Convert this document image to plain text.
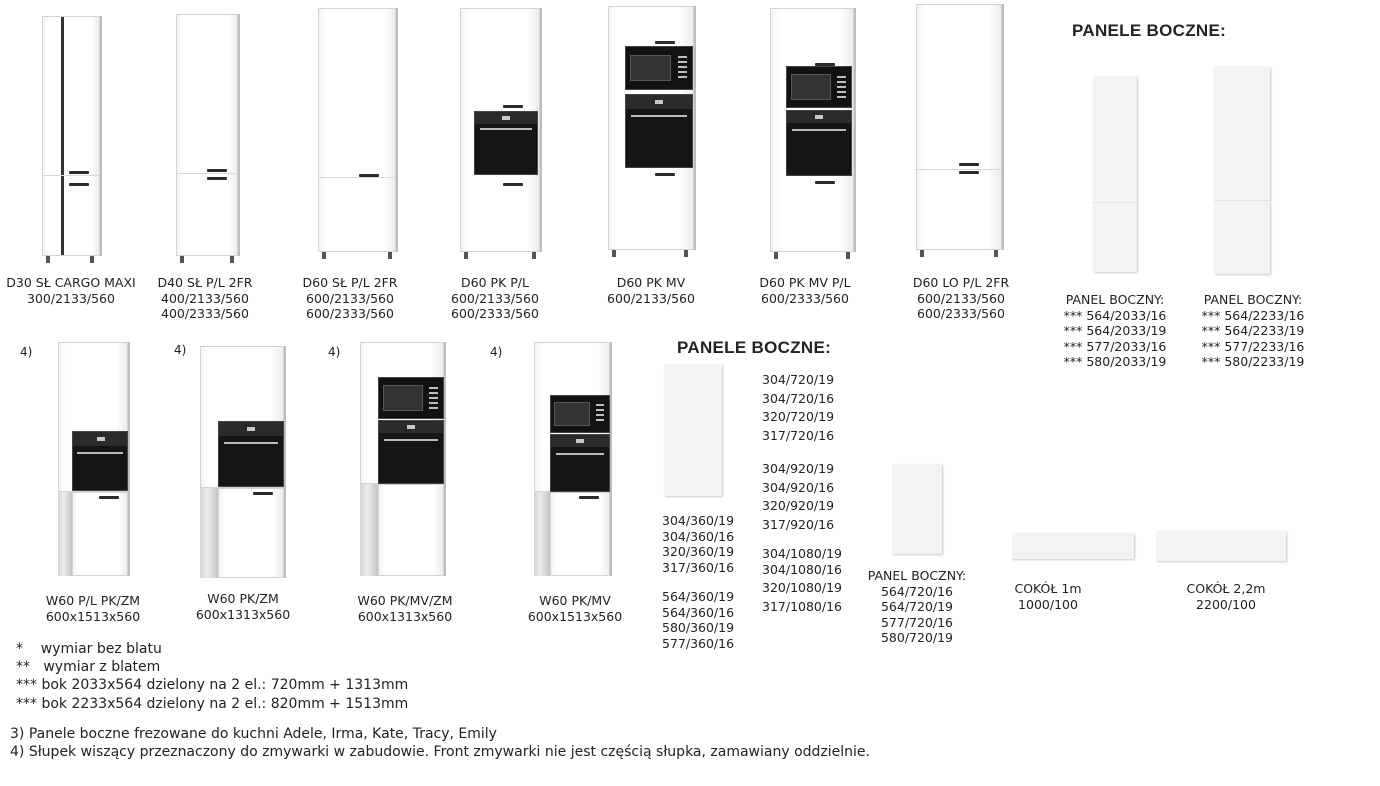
D30 SŁ CARGO MAXI
300/2133/560
D40 SŁ P/L 2FR
400/2133/560
400/2333/560
D60 SŁ P/L 2FR
600/2133/560
600/2333/560
D60 PK P/L
600/2133/560
600/2333/560
D60 PK MV
600/2133/560
D60 PK MV P/L
600/2333/560
D60 LO P/L 2FR
600/2133/560
600/2333/560
PANELE BOCZNE:
PANEL BOCZNY:
*** 564/2033/16
*** 564/2033/19
*** 577/2033/16
*** 580/2033/19
PANEL BOCZNY:
*** 564/2233/16
*** 564/2233/19
*** 577/2233/16
*** 580/2233/19
4)	4)	4)	4)
W60 P/L PK/ZM
600x1513x560
W60 PK/ZM
600x1313x560
W60 PK/MV/ZM
600x1313x560
W60 PK/MV
600x1513x560
PANELE BOCZNE:
304/360/19
304/360/16
320/360/19
317/360/16
564/360/19
564/360/16
580/360/19
577/360/16
304/720/19
304/720/16
320/720/19
317/720/16
304/920/19
304/920/16
320/920/19
317/920/16
304/1080/19
304/1080/16
320/1080/19
317/1080/16
PANEL BOCZNY:
564/720/16
564/720/19
577/720/16
580/720/19
COKÓŁ 1m
1000/100
COKÓŁ 2,2m
2200/100
*    wymiar bez blatu
**   wymiar z blatem
*** bok 2033x564 dzielony na 2 el.: 720mm + 1313mm
*** bok 2233x564 dzielony na 2 el.: 820mm + 1513mm
3) Panele boczne frezowane do kuchni Adele, Irma, Kate, Tracy, Emily
4) Słupek wiszący przeznaczony do zmywarki w zabudowie. Front zmywarki nie jest częścią słupka, zamawiany oddzielnie.
